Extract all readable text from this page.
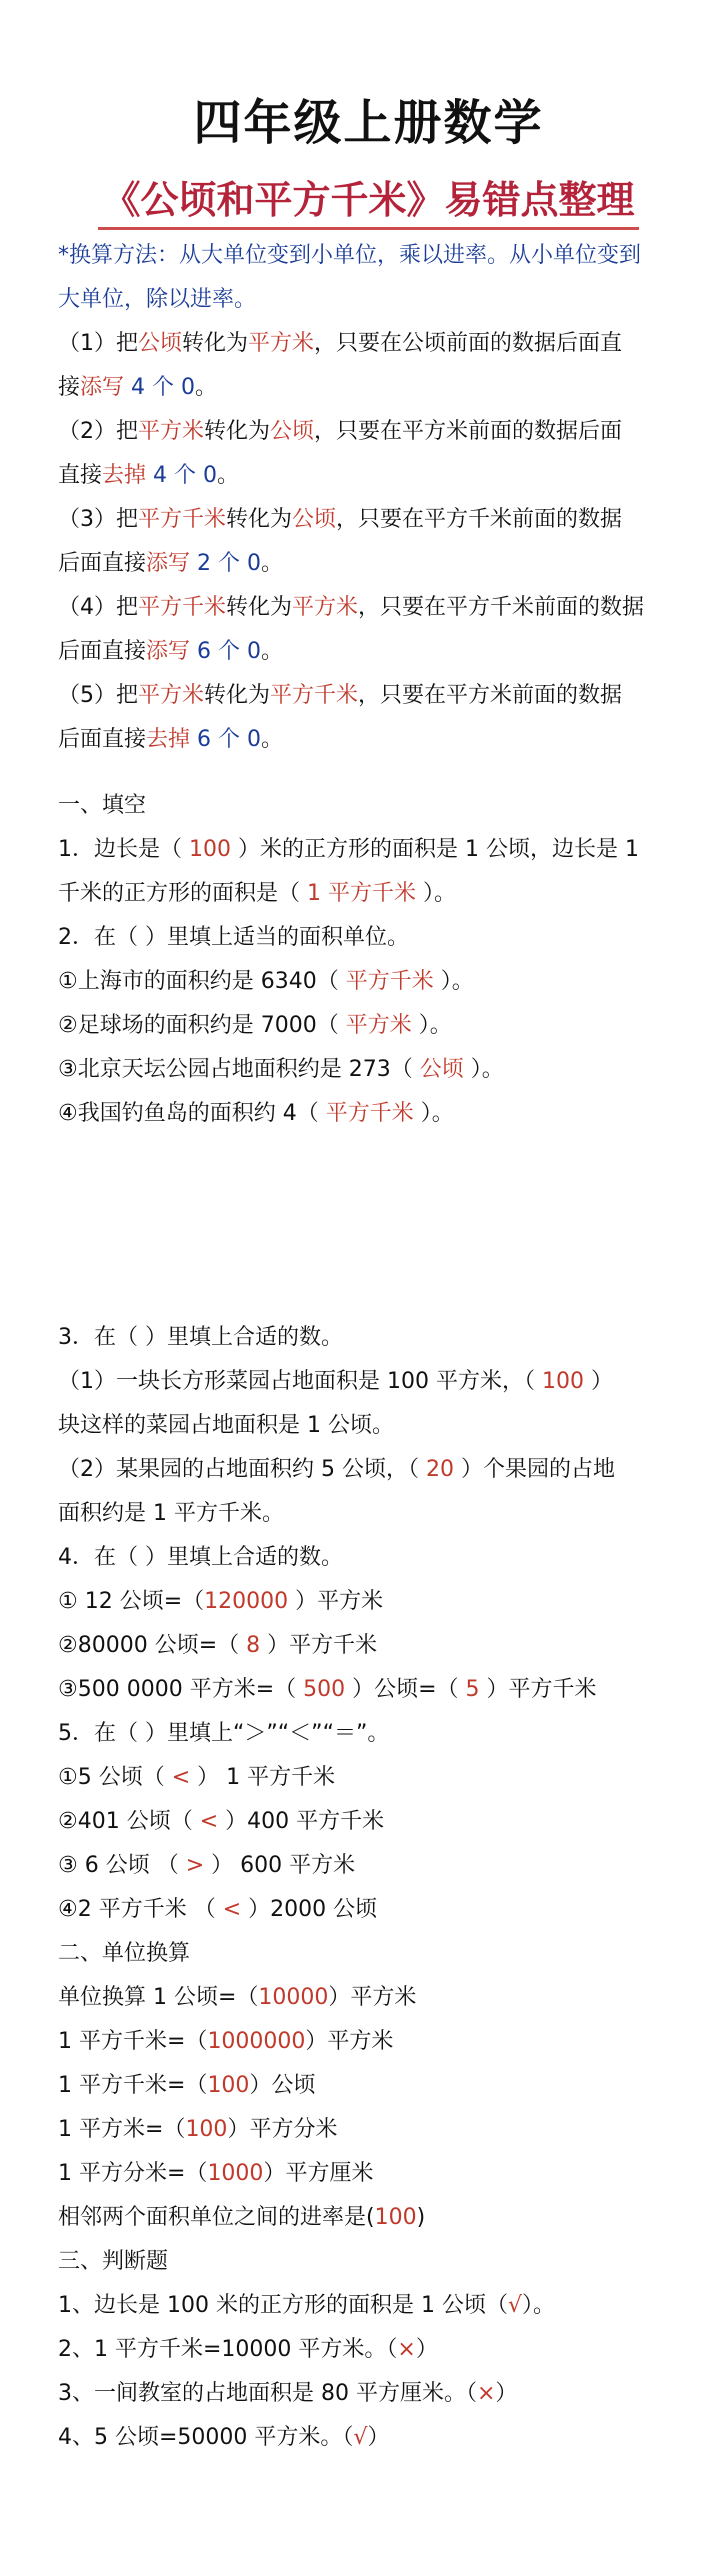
四年级上册数学
《公顷和平方千米》易错点整理
*换算方法：从大单位变到小单位，乘以进率。从小单位变到
大单位，除以进率。
（1）把公顷转化为平方米，只要在公顷前面的数据后面直
接添写 4 个 0。
（2）把平方米转化为公顷，只要在平方米前面的数据后面
直接去掉 4 个 0。
（3）把平方千米转化为公顷，只要在平方千米前面的数据
后面直接添写 2 个 0。
（4）把平方千米转化为平方米，只要在平方千米前面的数据
后面直接添写 6 个 0。
（5）把平方米转化为平方千米，只要在平方米前面的数据
后面直接去掉 6 个 0。
一、填空
1．边长是（ 100 ）米的正方形的面积是 1 公顷，边长是 1
千米的正方形的面积是（ 1 平方千米 ）。
2．在（ ）里填上适当的面积单位。
①上海市的面积约是 6340（ 平方千米 ）。
②足球场的面积约是 7000（ 平方米 ）。
③北京天坛公园占地面积约是 273（ 公顷 ）。
④我国钓鱼岛的面积约 4（ 平方千米 ）。
3．在（ ）里填上合适的数。
（1）一块长方形菜园占地面积是 100 平方米，（ 100 ）
块这样的菜园占地面积是 1 公顷。
（2）某果园的占地面积约 5 公顷，（ 20 ）个果园的占地
面积约是 1 平方千米。
4．在（ ）里填上合适的数。
① 12 公顷=（120000 ）平方米
②80000 公顷=（ 8 ）平方千米
③500 0000 平方米=（ 500 ）公顷=（ 5 ）平方千米
5．在（ ）里填上“＞”“＜”“＝”。
①5 公顷（ < ） 1 平方千米
②401 公顷（ < ）400 平方千米
③ 6 公顷 （ > ） 600 平方米
④2 平方千米 （ < ）2000 公顷
二、单位换算
单位换算 1 公顷=（10000）平方米
1 平方千米=（1000000）平方米
1 平方千米=（100）公顷
1 平方米=（100）平方分米
1 平方分米=（1000）平方厘米
相邻两个面积单位之间的进率是(100)
三、判断题
1、边长是 100 米的正方形的面积是 1 公顷（√）。
2、1 平方千米=10000 平方米。（×）
3、一间教室的占地面积是 80 平方厘米。（×）
4、5 公顷=50000 平方米。（√）
